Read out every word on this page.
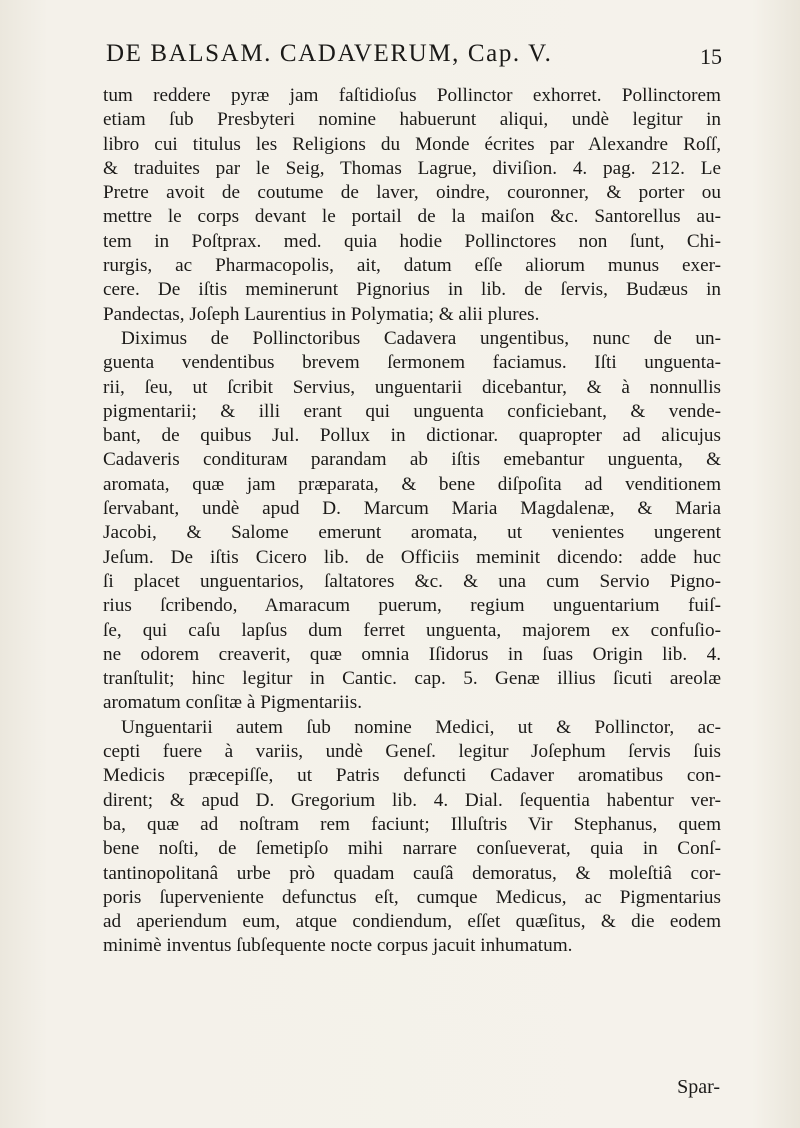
DE BALSAM. CADAVERUM, Cap. V.	15
tum reddere pyræ jam faſtidioſus Pollinctor exhorret. Pollinctorem
etiam ſub Presbyteri nomine habuerunt aliqui, undè legitur in
libro cui titulus les Religions du Monde écrites par Alexandre Roſſ,
& traduites par le Seig, Thomas Lagrue, diviſion. 4. pag. 212. Le
Pretre avoit de coutume de laver, oindre, couronner, & porter ou
mettre le corps devant le portail de la maiſon &c. Santorellus au-
tem in Poſtprax. med. quia hodie Pollinctores non ſunt, Chi-
rurgis, ac Pharmacopolis, ait, datum eſſe aliorum munus exer-
cere. De iſtis meminerunt Pignorius in lib. de ſervis, Budæus in
Pandectas, Joſeph Laurentius in Polymatia; & alii plures.
Diximus de Pollinctoribus Cadavera ungentibus, nunc de un-
guenta vendentibus brevem ſermonem faciamus. Iſti unguenta-
rii, ſeu, ut ſcribit Servius, unguentarii dicebantur, & à nonnullis
pigmentarii; & illi erant qui unguenta conficiebant, & vende-
bant, de quibus Jul. Pollux in dictionar. quapropter ad alicujus
Cadaveris conditurам parandam ab iſtis emebantur unguenta, &
aromata, quæ jam præparata, & bene diſpoſita ad venditionem
ſervabant, undè apud D. Marcum Maria Magdalenæ, & Maria
Jacobi, & Salome emerunt aromata, ut venientes ungerent
Jeſum. De iſtis Cicero lib. de Officiis meminit dicendo: adde huc
ſi placet unguentarios, ſaltatores &c. & una cum Servio Pigno-
rius ſcribendo, Amaracum puerum, regium unguentarium fuiſ-
ſe, qui caſu lapſus dum ferret unguenta, majorem ex confuſio-
ne odorem creaverit, quæ omnia Iſidorus in ſuas Origin lib. 4.
tranſtulit; hinc legitur in Cantic. cap. 5. Genæ illius ſicuti areolæ
aromatum conſitæ à Pigmentariis.
Unguentarii autem ſub nomine Medici, ut & Pollinctor, ac-
cepti fuere à variis, undè Geneſ. legitur Joſephum ſervis ſuis
Medicis præcepiſſe, ut Patris defuncti Cadaver aromatibus con-
dirent; & apud D. Gregorium lib. 4. Dial. ſequentia habentur ver-
ba, quæ ad noſtram rem faciunt; Illuſtris Vir Stephanus, quem
bene noſti, de ſemetipſo mihi narrare conſueverat, quia in Conſ-
tantinopolitanâ urbe prò quadam cauſâ demoratus, & moleſtiâ cor-
poris ſuperveniente defunctus eſt, cumque Medicus, ac Pigmentarius
ad aperiendum eum, atque condiendum, eſſet quæſitus, & die eodem
minimè inventus ſubſequente nocte corpus jacuit inhumatum.
Spar-
